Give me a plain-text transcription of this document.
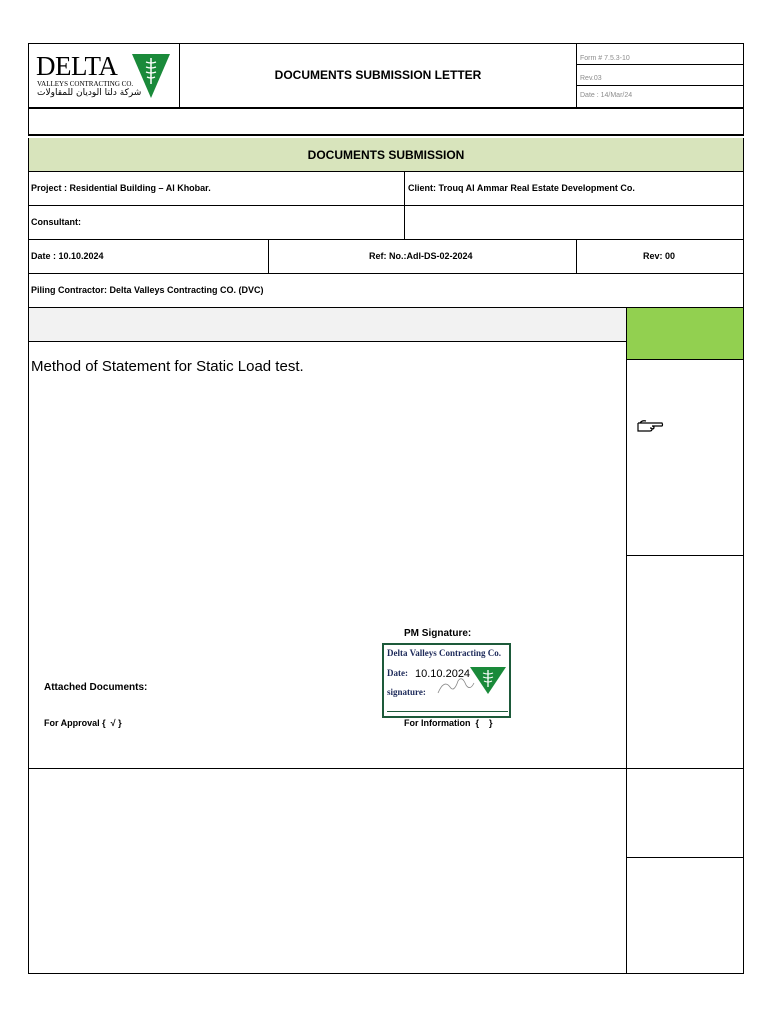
DELTA
VALLEYS CONTRACTING CO.
شركة دلتا الوديان للمقاولات
DOCUMENTS SUBMISSION LETTER
Form # 7.5.3-10
Rev.03
Date : 14/Mar/24
DOCUMENTS SUBMISSION
Project : Residential Building – Al Khobar.	Client: Trouq Al Ammar Real Estate Development Co.
Consultant:
Date : 10.10.2024	Ref: No.:Adl-DS-02-2024	Rev: 00
Piling Contractor: Delta Valleys Contracting CO. (DVC)
Method of Statement for Static Load test.
PM Signature:
Delta Valleys Contracting Co.
Date: 10.10.2024
signature:
Attached Documents:
For Approval {  √ }	For Information  {    }
